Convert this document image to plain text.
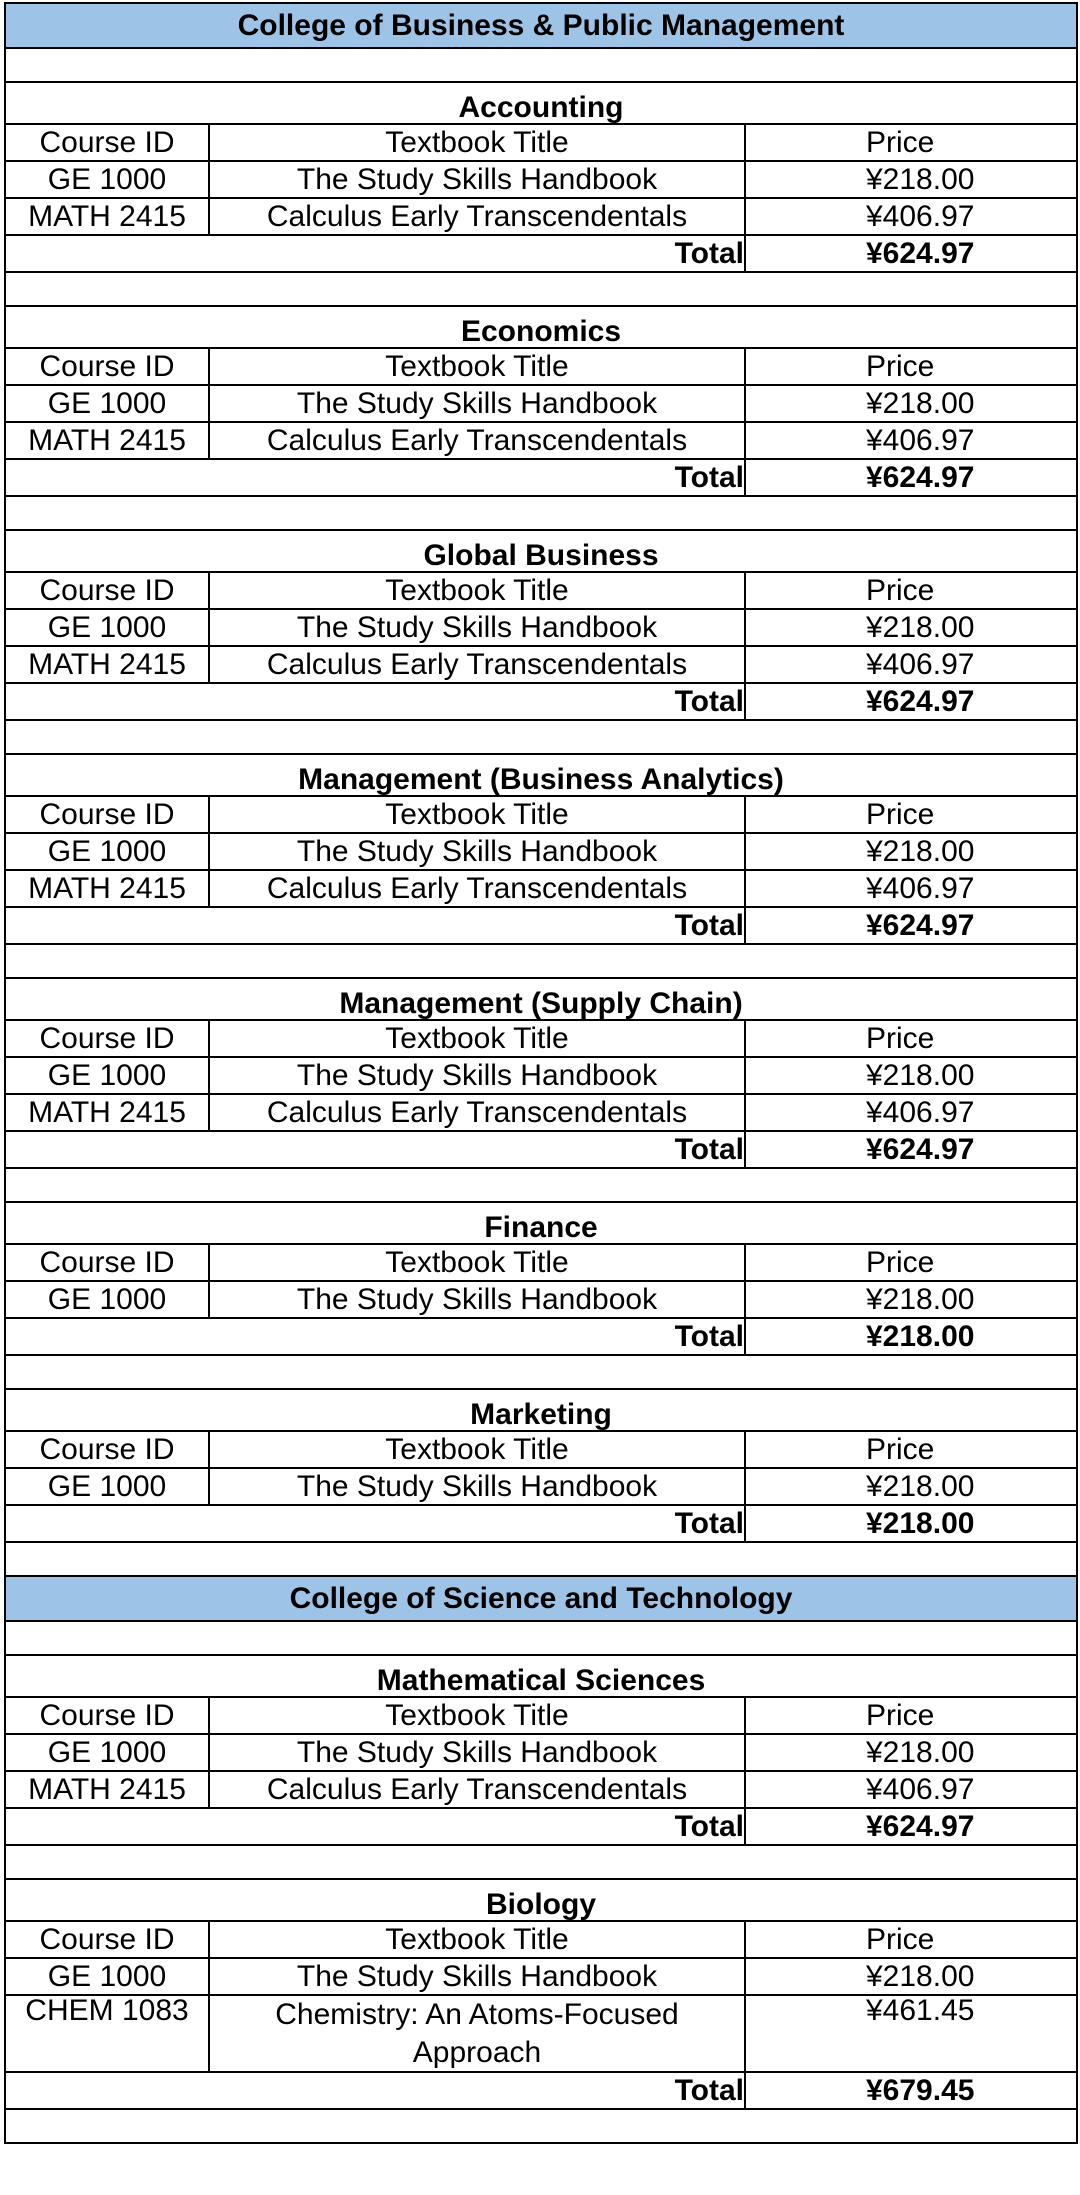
College of Business & Public Management		

Accounting		
Course ID	Textbook Title	Price
GE 1000	The Study Skills Handbook	¥218.00
MATH 2415	Calculus Early Transcendentals	¥406.97
Total		¥624.97

Economics		
Course ID	Textbook Title	Price
GE 1000	The Study Skills Handbook	¥218.00
MATH 2415	Calculus Early Transcendentals	¥406.97
Total		¥624.97

Global Business		
Course ID	Textbook Title	Price
GE 1000	The Study Skills Handbook	¥218.00
MATH 2415	Calculus Early Transcendentals	¥406.97
Total		¥624.97

Management (Business Analytics)		
Course ID	Textbook Title	Price
GE 1000	The Study Skills Handbook	¥218.00
MATH 2415	Calculus Early Transcendentals	¥406.97
Total		¥624.97

Management (Supply Chain)		
Course ID	Textbook Title	Price
GE 1000	The Study Skills Handbook	¥218.00
MATH 2415	Calculus Early Transcendentals	¥406.97
Total		¥624.97

Finance		
Course ID	Textbook Title	Price
GE 1000	The Study Skills Handbook	¥218.00
Total		¥218.00

Marketing		
Course ID	Textbook Title	Price
GE 1000	The Study Skills Handbook	¥218.00
Total		¥218.00

College of Science and Technology		

Mathematical Sciences		
Course ID	Textbook Title	Price
GE 1000	The Study Skills Handbook	¥218.00
MATH 2415	Calculus Early Transcendentals	¥406.97
Total		¥624.97

Biology		
Course ID	Textbook Title	Price
GE 1000	The Study Skills Handbook	¥218.00
CHEM 1083	Chemistry: An Atoms-Focused Approach	¥461.45
Total		¥679.45
